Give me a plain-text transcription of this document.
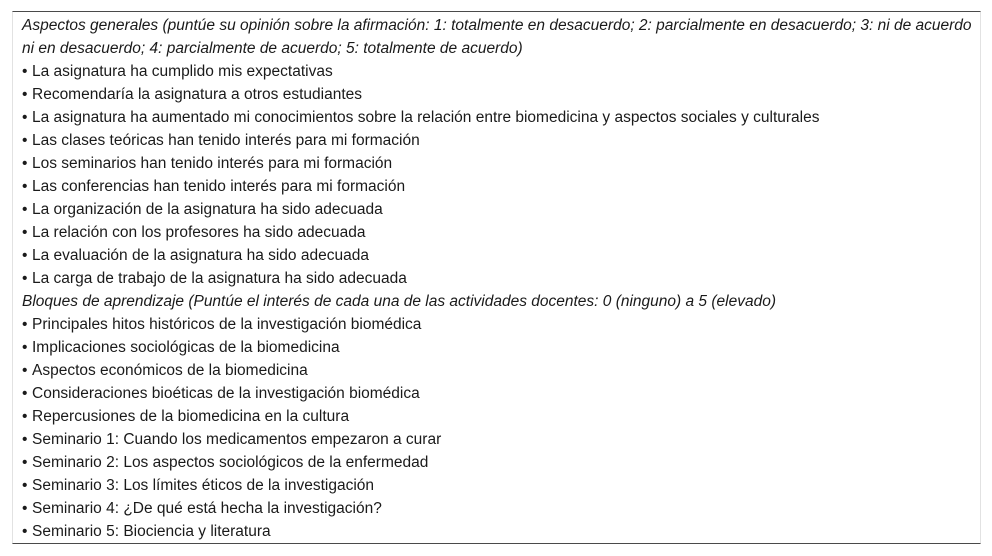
Aspectos generales (puntúe su opinión sobre la afirmación: 1: totalmente en desacuerdo; 2: parcialmente en desacuerdo; 3: ni de acuerdo ni en desacuerdo; 4: parcialmente de acuerdo; 5: totalmente de acuerdo)

• La asignatura ha cumplido mis expectativas

• Recomendaría la asignatura a otros estudiantes

• La asignatura ha aumentado mi conocimientos sobre la relación entre biomedicina y aspectos sociales y culturales

• Las clases teóricas han tenido interés para mi formación

• Los seminarios han tenido interés para mi formación

• Las conferencias han tenido interés para mi formación

• La organización de la asignatura ha sido adecuada

• La relación con los profesores ha sido adecuada

• La evaluación de la asignatura ha sido adecuada

• La carga de trabajo de la asignatura ha sido adecuada

Bloques de aprendizaje (Puntúe el interés de cada una de las actividades docentes: 0 (ninguno) a 5 (elevado)

• Principales hitos históricos de la investigación biomédica

• Implicaciones sociológicas de la biomedicina

• Aspectos económicos de la biomedicina

• Consideraciones bioéticas de la investigación biomédica

• Repercusiones de la biomedicina en la cultura

• Seminario 1: Cuando los medicamentos empezaron a curar

• Seminario 2: Los aspectos sociológicos de la enfermedad

• Seminario 3: Los límites éticos de la investigación

• Seminario 4: ¿De qué está hecha la investigación?

• Seminario 5: Biociencia y literatura
